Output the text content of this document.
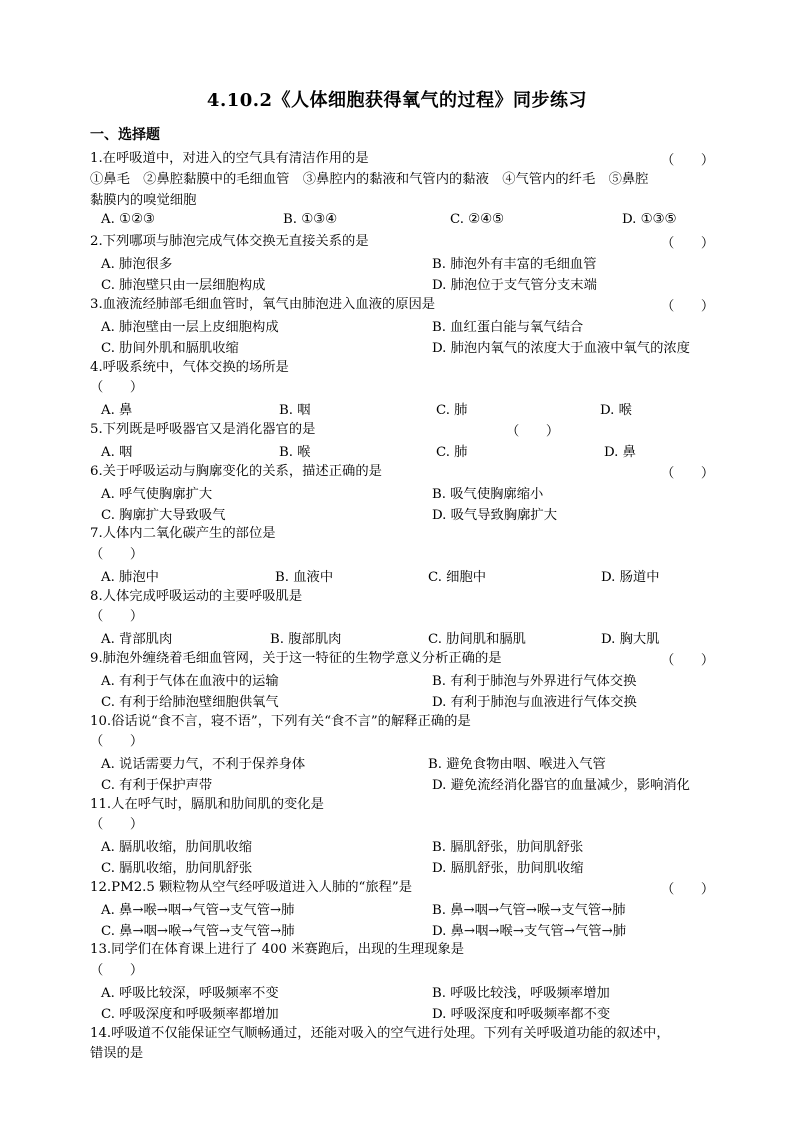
4.10.2《人体细胞获得氧气的过程》同步练习
一、选择题
1.在呼吸道中，对进入的空气具有清洁作用的是	（　　）
①鼻毛　②鼻腔黏膜中的毛细血管　③鼻腔内的黏液和气管内的黏液　④气管内的纤毛　⑤鼻腔
黏膜内的嗅觉细胞
A. ①②③	B. ①③④	C. ②④⑤	D. ①③⑤
2.下列哪项与肺泡完成气体交换无直接关系的是	（　　）
A. 肺泡很多	B. 肺泡外有丰富的毛细血管
C. 肺泡壁只由一层细胞构成	D. 肺泡位于支气管分支末端
3.血液流经肺部毛细血管时，氧气由肺泡进入血液的原因是	（　　）
A. 肺泡壁由一层上皮细胞构成	B. 血红蛋白能与氧气结合
C. 肋间外肌和膈肌收缩	D. 肺泡内氧气的浓度大于血液中氧气的浓度
4.呼吸系统中，气体交换的场所是
（　　）
A. 鼻	B. 咽	C. 肺	D. 喉
5.下列既是呼吸器官又是消化器官的是	（　　）
A. 咽	B. 喉	C. 肺	D. 鼻
6.关于呼吸运动与胸廓变化的关系，描述正确的是	（　　）
A. 呼气使胸廓扩大	B. 吸气使胸廓缩小
C. 胸廓扩大导致吸气	D. 吸气导致胸廓扩大
7.人体内二氧化碳产生的部位是
（　　）
A. 肺泡中	B. 血液中	C. 细胞中	D. 肠道中
8.人体完成呼吸运动的主要呼吸肌是
（　　）
A. 背部肌肉	B. 腹部肌肉	C. 肋间肌和膈肌	D. 胸大肌
9.肺泡外缠绕着毛细血管网，关于这一特征的生物学意义分析正确的是	（　　）
A. 有利于气体在血液中的运输	B. 有利于肺泡与外界进行气体交换
C. 有利于给肺泡壁细胞供氧气	D. 有利于肺泡与血液进行气体交换
10.俗话说“食不言，寝不语”，下列有关“食不言”的解释正确的是
（　　）
A. 说话需要力气，不利于保养身体	B. 避免食物由咽、喉进入气管
C. 有利于保护声带	D. 避免流经消化器官的血量减少，影响消化
11.人在呼气时，膈肌和肋间肌的变化是
（　　）
A. 膈肌收缩，肋间肌收缩	B. 膈肌舒张，肋间肌舒张
C. 膈肌收缩，肋间肌舒张	D. 膈肌舒张，肋间肌收缩
12.PM2.5 颗粒物从空气经呼吸道进入人肺的“旅程”是	（　　）
A. 鼻→喉→咽→气管→支气管→肺	B. 鼻→咽→气管→喉→支气管→肺
C. 鼻→咽→喉→气管→支气管→肺	D. 鼻→咽→喉→支气管→气管→肺
13.同学们在体育课上进行了 400 米赛跑后，出现的生理现象是
（　　）
A. 呼吸比较深，呼吸频率不变	B. 呼吸比较浅，呼吸频率增加
C. 呼吸深度和呼吸频率都增加	D. 呼吸深度和呼吸频率都不变
14.呼吸道不仅能保证空气顺畅通过，还能对吸入的空气进行处理。下列有关呼吸道功能的叙述中，
错误的是
